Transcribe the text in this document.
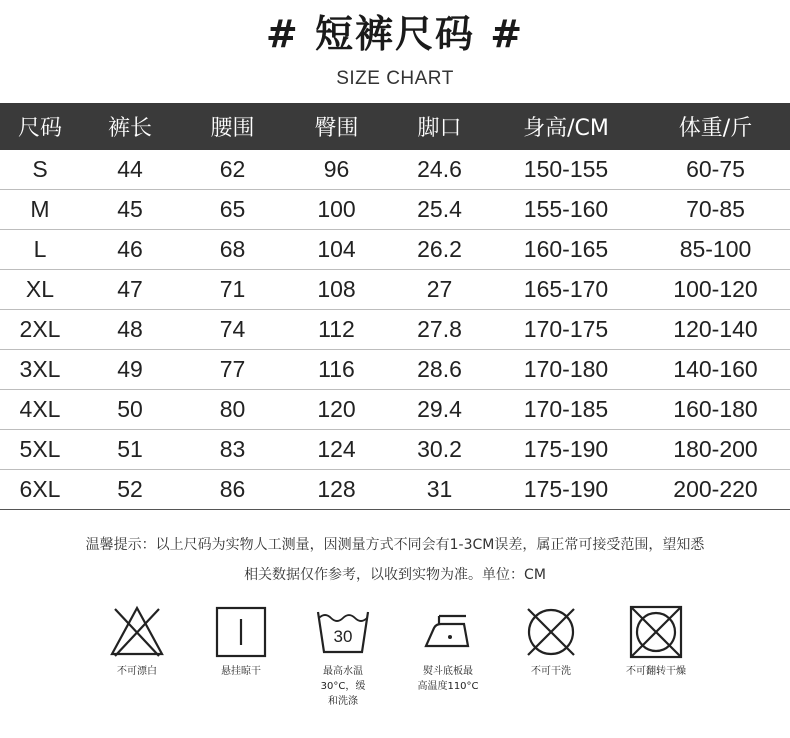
# 短裤尺码 #
SIZE CHART
尺码	裤长	腰围	臀围	脚口	身高/CM	体重/斤
S	44	62	96	24.6	150-155	60-75
M	45	65	100	25.4	155-160	70-85
L	46	68	104	26.2	160-165	85-100
XL	47	71	108	27	165-170	100-120
2XL	48	74	112	27.8	170-175	120-140
3XL	49	77	116	28.6	170-180	140-160
4XL	50	80	120	29.4	170-185	160-180
5XL	51	83	124	30.2	175-190	180-200
6XL	52	86	128	31	175-190	200-220
温馨提示：以上尺码为实物人工测量，因测量方式不同会有1-3CM误差，属正常可接受范围，望知悉
相关数据仅作参考，以收到实物为准。单位：CM
不可漂白	悬挂晾干
30
最高水温
30°C，缓
和洗涤
熨斗底板最
高温度110°C
不可干洗	不可翻转干燥
